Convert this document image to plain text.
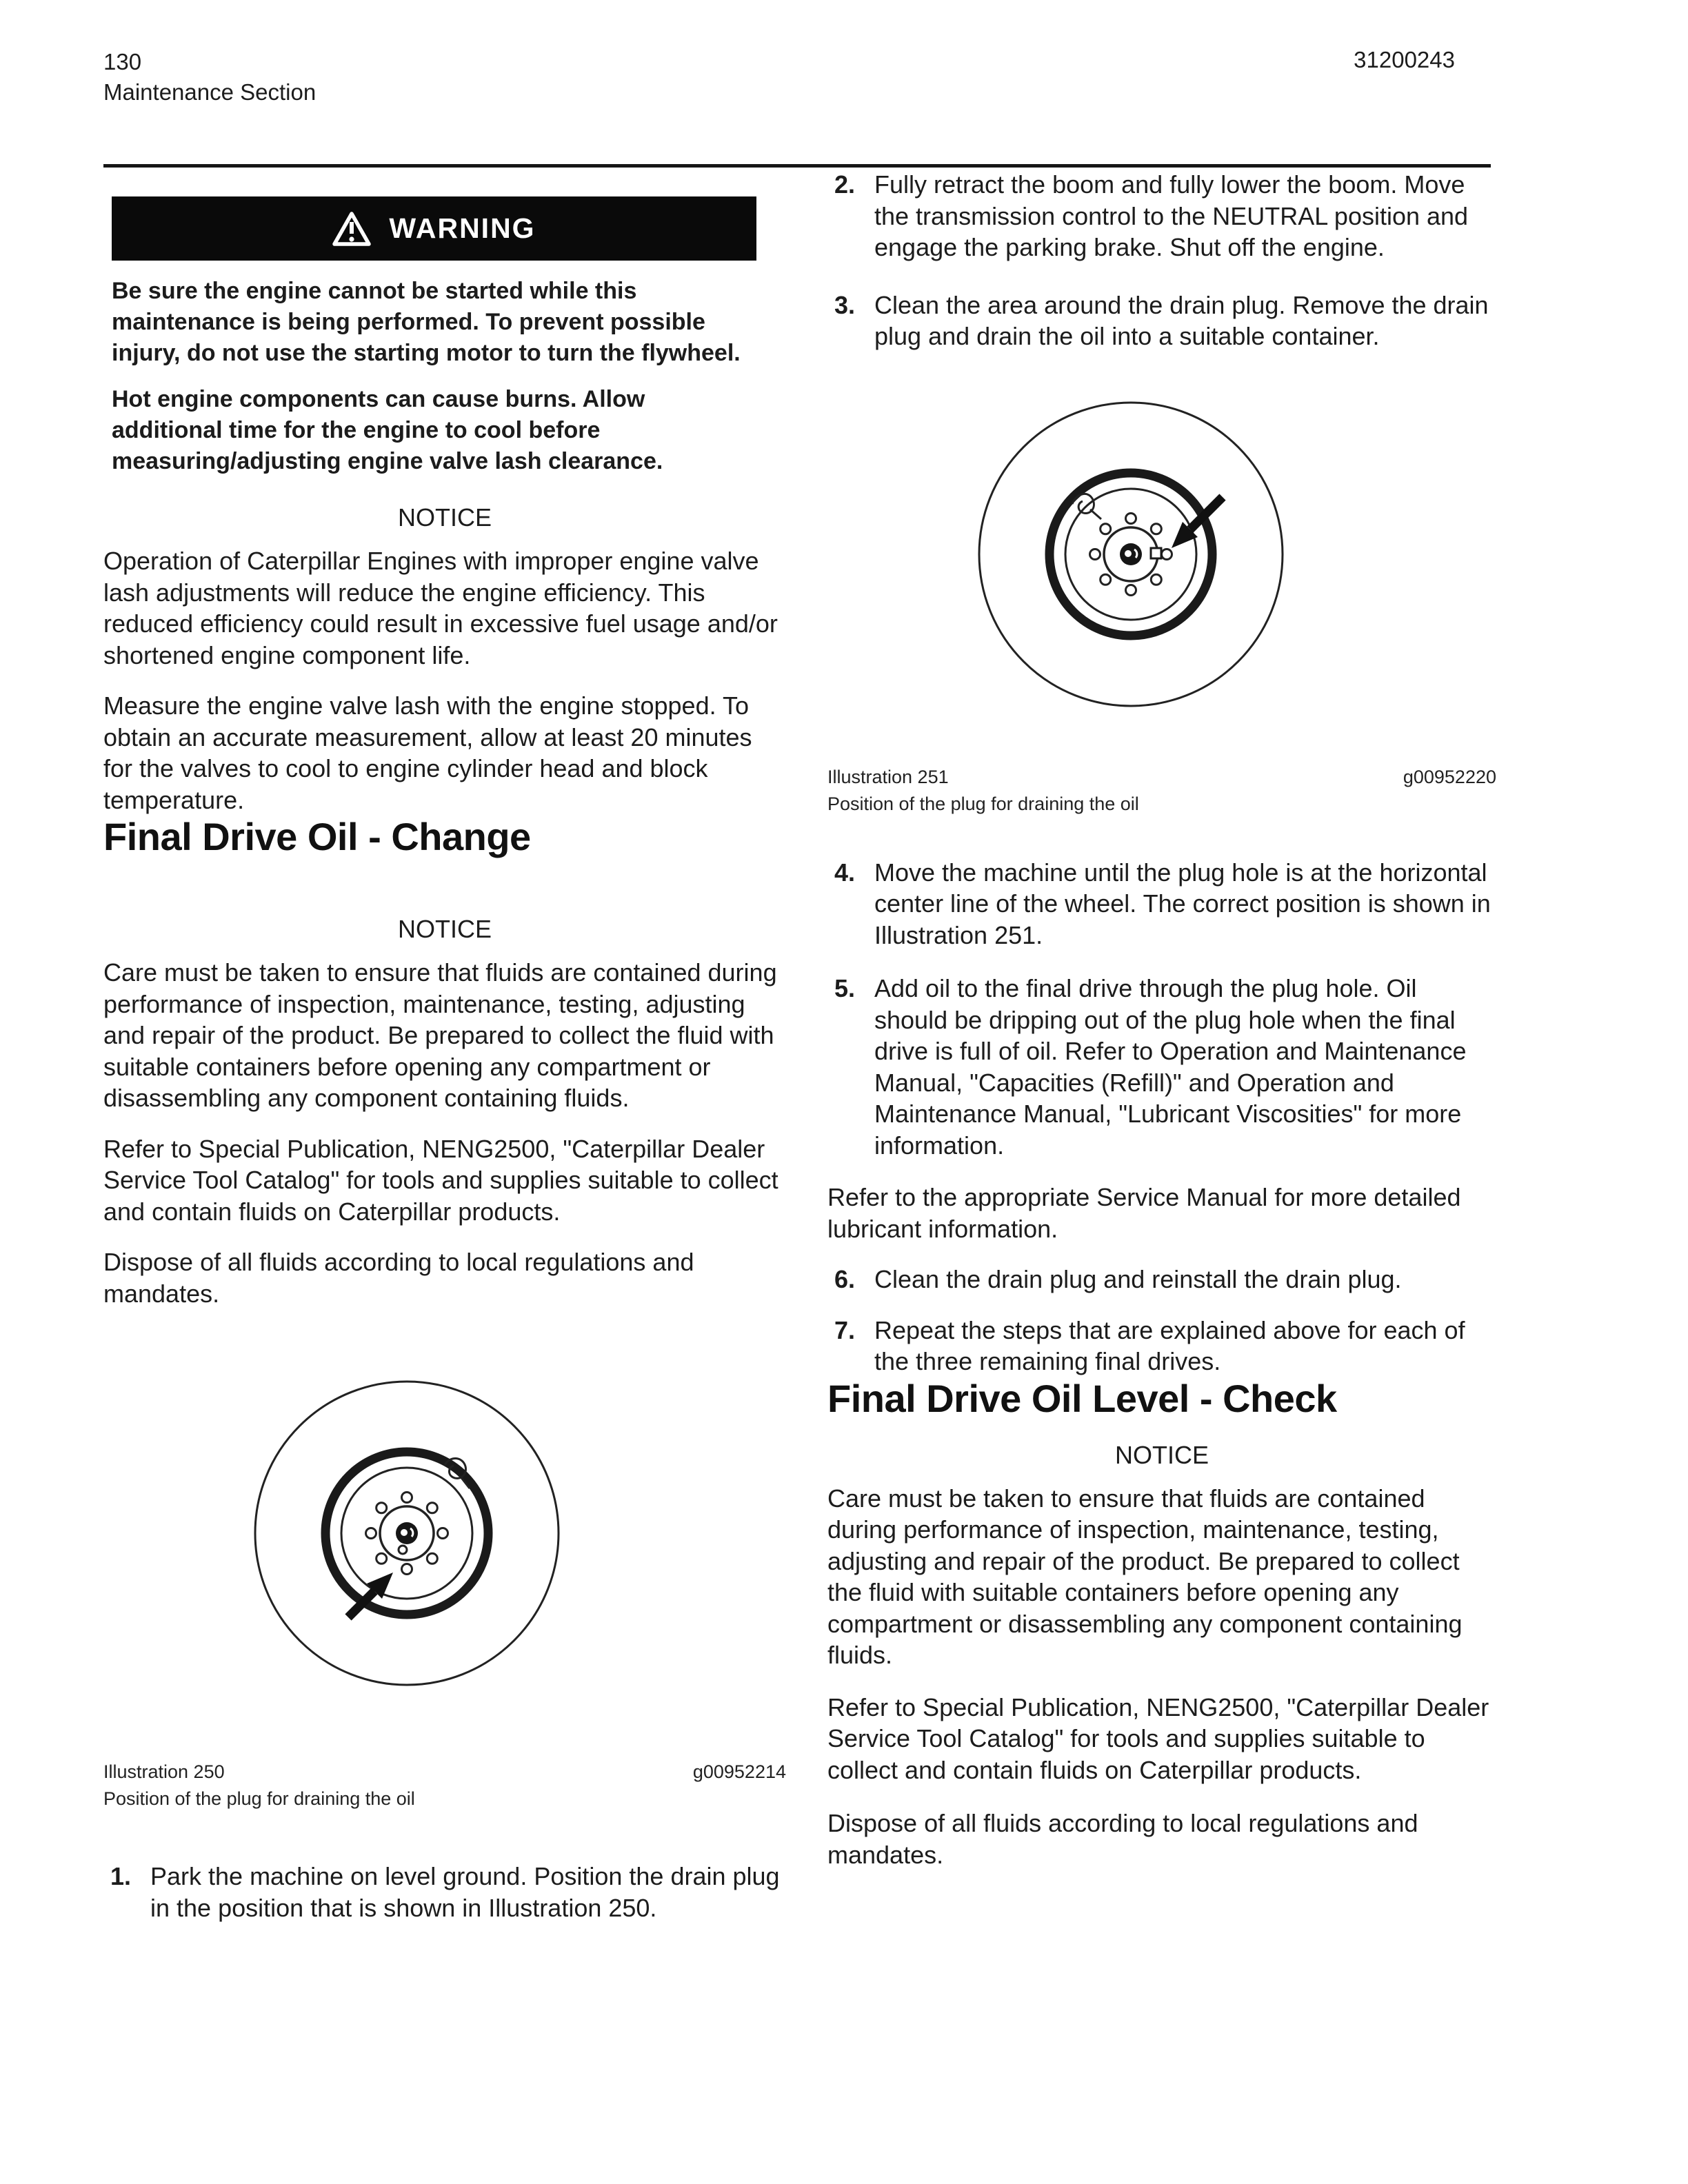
130
Maintenance Section
31200243
WARNING

Be sure the engine cannot be started while this maintenance is being performed. To prevent possible injury, do not use the starting motor to turn the flywheel.

Hot engine components can cause burns. Allow additional time for the engine to cool before measuring/adjusting engine valve lash clearance.

NOTICE

Operation of Caterpillar Engines with improper engine valve lash adjustments will reduce the engine efficiency. This reduced efficiency could result in excessive fuel usage and/or shortened engine component life.

Measure the engine valve lash with the engine stopped. To obtain an accurate measurement, allow at least 20 minutes for the valves to cool to engine cylinder head and block temperature.

Final Drive Oil - Change

NOTICE

Care must be taken to ensure that fluids are contained during performance of inspection, maintenance, testing, adjusting and repair of the product. Be prepared to collect the fluid with suitable containers before opening any compartment or disassembling any component containing fluids.

Refer to Special Publication, NENG2500, "Caterpillar Dealer Service Tool Catalog" for tools and supplies suitable to collect and contain fluids on Caterpillar products.

Dispose of all fluids according to local regulations and mandates.

Illustration 250	g00952214
Position of the plug for draining the oil
1. Park the machine on level ground. Position the drain plug in the position that is shown in Illustration 250.
2. Fully retract the boom and fully lower the boom. Move the transmission control to the NEUTRAL position and engage the parking brake. Shut off the engine.
3. Clean the area around the drain plug. Remove the drain plug and drain the oil into a suitable container.
Illustration 251	g00952220
Position of the plug for draining the oil
4. Move the machine until the plug hole is at the horizontal center line of the wheel. The correct position is shown in Illustration 251.
5. Add oil to the final drive through the plug hole. Oil should be dripping out of the plug hole when the final drive is full of oil. Refer to Operation and Maintenance Manual, "Capacities (Refill)" and Operation and Maintenance Manual, "Lubricant Viscosities" for more information.

Refer to the appropriate Service Manual for more detailed lubricant information.

6. Clean the drain plug and reinstall the drain plug.
7. Repeat the steps that are explained above for each of the three remaining final drives.
Final Drive Oil Level - Check

NOTICE

Care must be taken to ensure that fluids are contained during performance of inspection, maintenance, testing, adjusting and repair of the product. Be prepared to collect the fluid with suitable containers before opening any compartment or disassembling any component containing fluids.

Refer to Special Publication, NENG2500, "Caterpillar Dealer Service Tool Catalog" for tools and supplies suitable to collect and contain fluids on Caterpillar products.

Dispose of all fluids according to local regulations and mandates.
